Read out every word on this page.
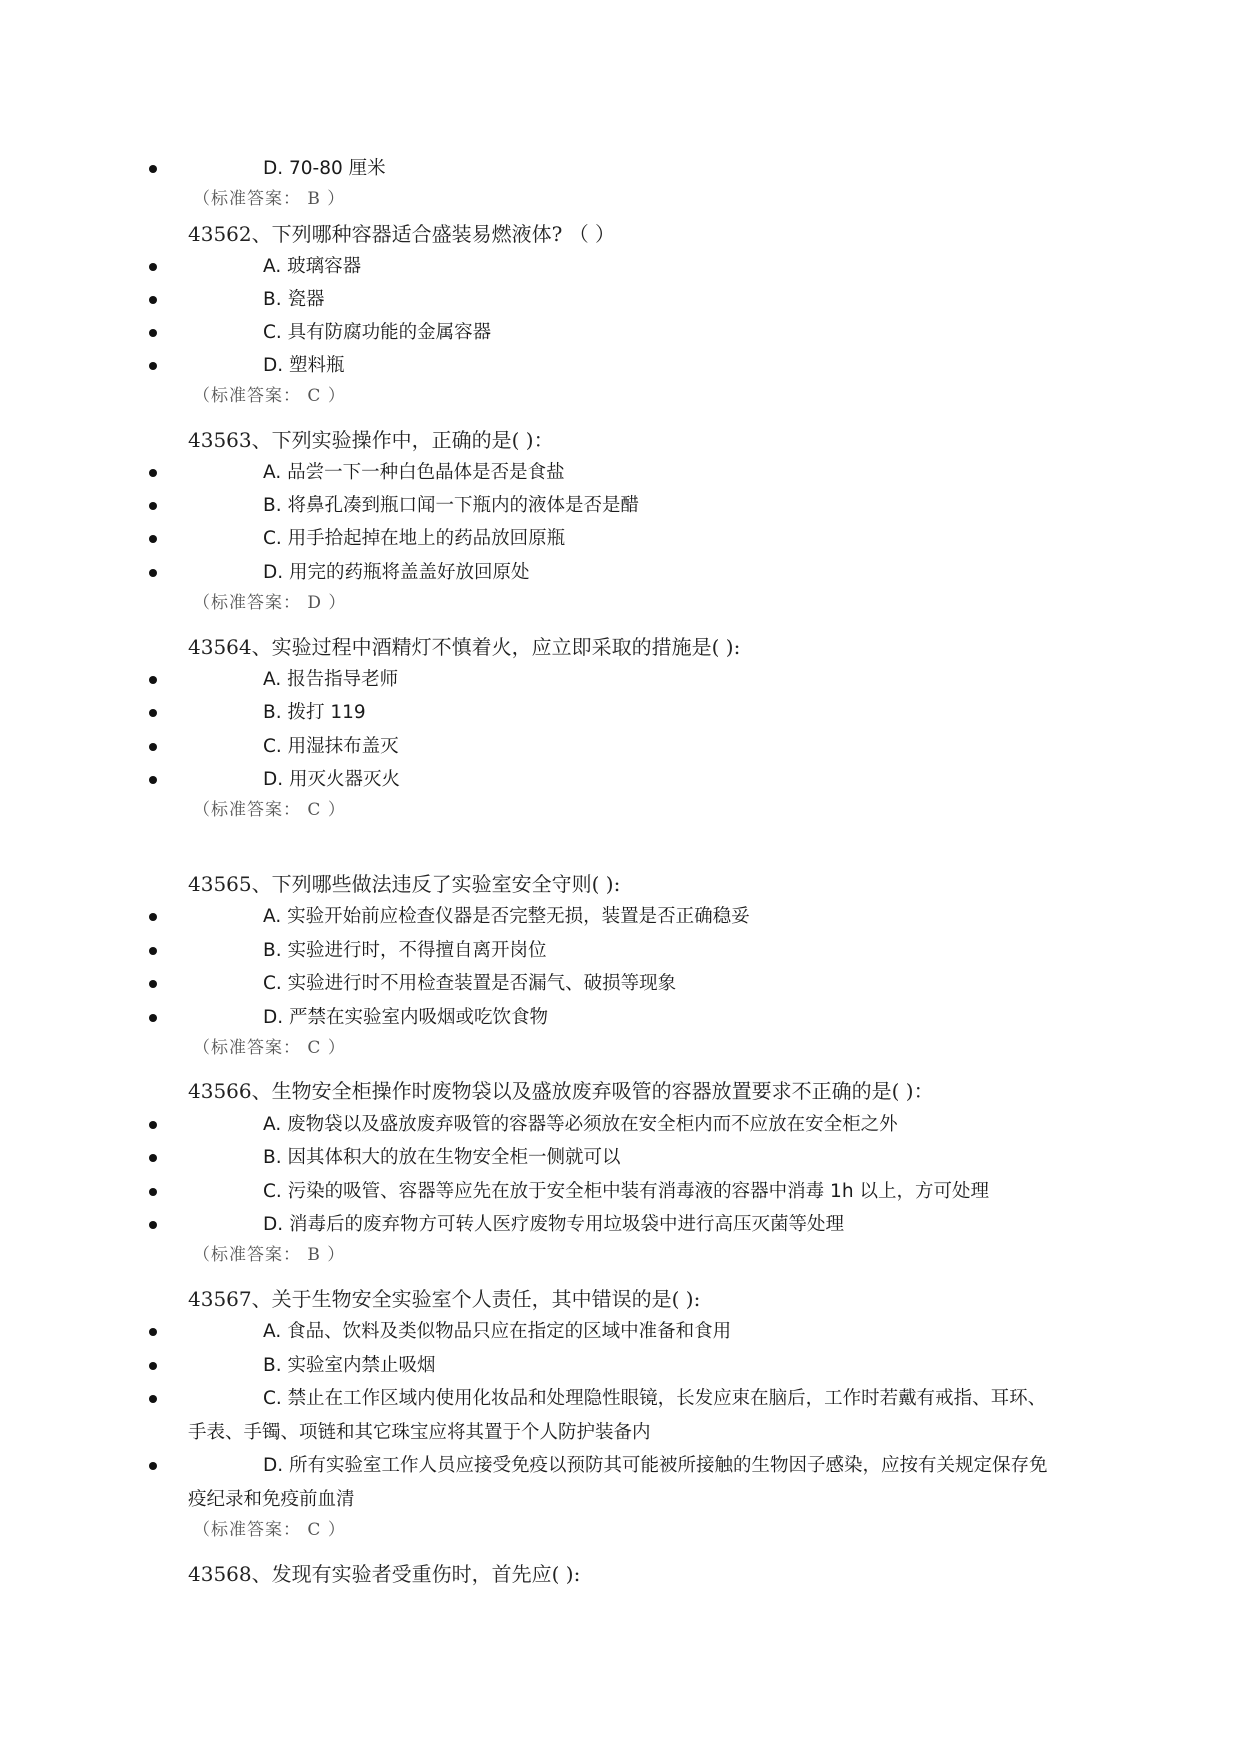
D. 70-80 厘米
（标准答案： B ）
43562、下列哪种容器适合盛装易燃液体? （ ）
A. 玻璃容器
B. 瓷器
C. 具有防腐功能的金属容器
D. 塑料瓶
（标准答案： C ）
43563、下列实验操作中，正确的是( )：
A. 品尝一下一种白色晶体是否是食盐
B. 将鼻孔凑到瓶口闻一下瓶内的液体是否是醋
C. 用手拾起掉在地上的药品放回原瓶
D. 用完的药瓶将盖盖好放回原处
（标准答案： D ）
43564、实验过程中酒精灯不慎着火，应立即采取的措施是( ):
A. 报告指导老师
B. 拨打 119
C. 用湿抹布盖灭
D. 用灭火器灭火
（标准答案： C ）
43565、下列哪些做法违反了实验室安全守则( ):
A. 实验开始前应检查仪器是否完整无损，装置是否正确稳妥
B. 实验进行时，不得擅自离开岗位
C. 实验进行时不用检查装置是否漏气、破损等现象
D. 严禁在实验室内吸烟或吃饮食物
（标准答案： C ）
43566、生物安全柜操作时废物袋以及盛放废弃吸管的容器放置要求不正确的是( )：
A. 废物袋以及盛放废弃吸管的容器等必须放在安全柜内而不应放在安全柜之外
B. 因其体积大的放在生物安全柜一侧就可以
C. 污染的吸管、容器等应先在放于安全柜中装有消毒液的容器中消毒 1h 以上，方可处理
D. 消毒后的废弃物方可转人医疗废物专用垃圾袋中进行高压灭菌等处理
（标准答案： B ）
43567、关于生物安全实验室个人责任，其中错误的是( ):
A. 食品、饮料及类似物品只应在指定的区域中准备和食用
B. 实验室内禁止吸烟
C. 禁止在工作区域内使用化妆品和处理隐性眼镜，长发应束在脑后，工作时若戴有戒指、耳环、
手表、手镯、项链和其它珠宝应将其置于个人防护装备内
D. 所有实验室工作人员应接受免疫以预防其可能被所接触的生物因子感染，应按有关规定保存免
疫纪录和免疫前血清
（标准答案： C ）
43568、发现有实验者受重伤时，首先应( ):
